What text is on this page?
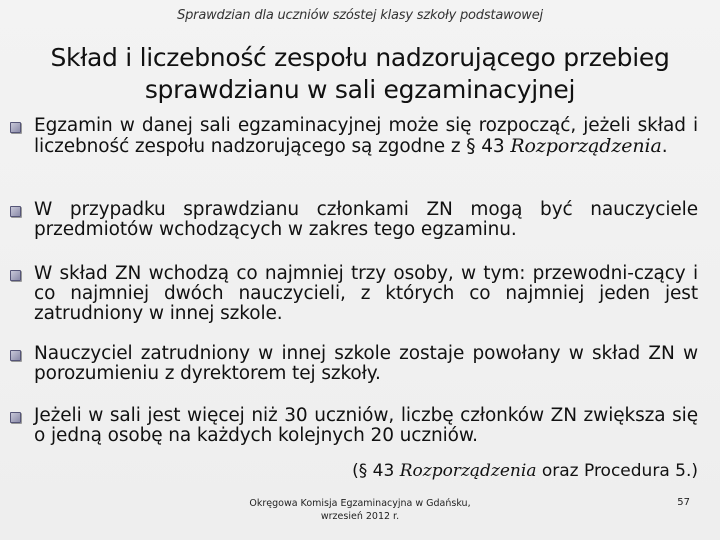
Sprawdzian dla uczniów szóstej klasy szkoły podstawowej
Skład i liczebność zespołu nadzorującego przebieg
sprawdzianu w sali egzaminacyjnej
Egzamin w danej sali egzaminacyjnej może się rozpocząć, jeżeli skład i liczebność zespołu nadzorującego są zgodne z § 43 Rozporządzenia.
W przypadku sprawdzianu członkami ZN mogą być nauczyciele przedmiotów wchodzących w zakres tego egzaminu.
W skład ZN wchodzą co najmniej trzy osoby, w tym: przewodni-czący i co najmniej dwóch nauczycieli, z których co najmniej jeden jest zatrudniony w innej szkole.
Nauczyciel zatrudniony w innej szkole zostaje powołany w skład ZN w porozumieniu z dyrektorem tej szkoły.
Jeżeli w sali jest więcej niż 30 uczniów, liczbę członków ZN zwiększa się o jedną osobę na każdych kolejnych 20 uczniów.
(§ 43 Rozporządzenia oraz Procedura 5.)
Okręgowa Komisja Egzaminacyjna w Gdańsku,
wrzesień 2012 r.
57
